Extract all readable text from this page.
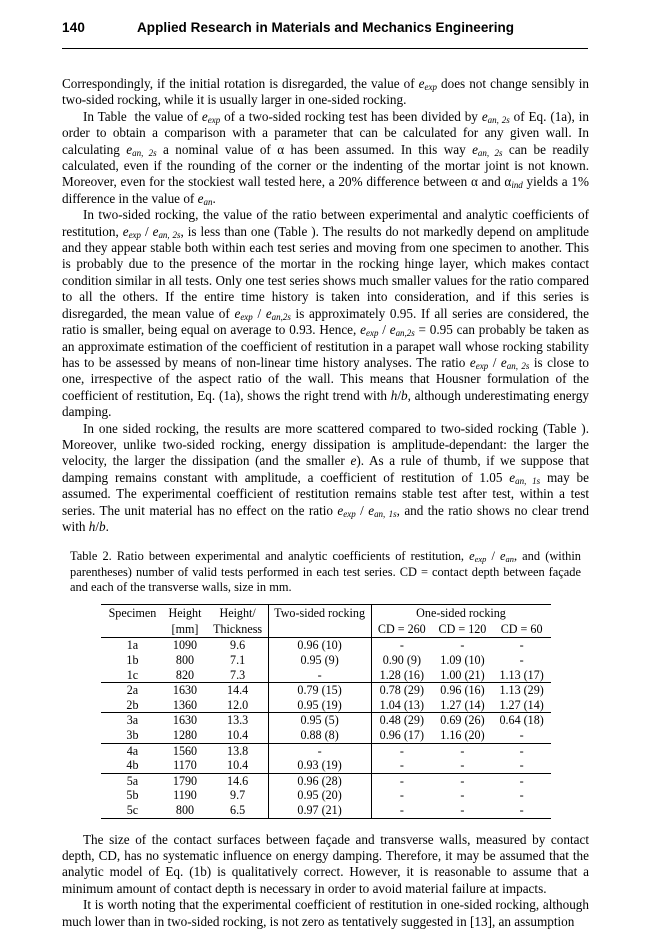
140	Applied Research in Materials and Mechanics Engineering

Correspondingly, if the initial rotation is disregarded, the value of $e_{exp}$ does not change sensibly in two-sided rocking, while it is usually larger in one-sided rocking.

In Table  the value of $e_{exp}$ of a two-sided rocking test has been divided by $e_{an, 2s}$ of Eq. (1a), in order to obtain a comparison with a parameter that can be calculated for any given wall. In calculating $e_{an, 2s}$ a nominal value of α has been assumed. In this way $e_{an, 2s}$ can be readily calculated, even if the rounding of the corner or the indenting of the mortar joint is not known. Moreover, even for the stockiest wall tested here, a 20% difference between α and $\alpha_{ind}$ yields a 1% difference in the value of $e_{an}$.

In two-sided rocking, the value of the ratio between experimental and analytic coefficients of restitution, $e_{exp} / e_{an, 2s}$, is less than one (Table ). The results do not markedly depend on amplitude and they appear stable both within each test series and moving from one specimen to another. This is probably due to the presence of the mortar in the rocking hinge layer, which makes contact condition similar in all tests. Only one test series shows much smaller values for the ratio compared to all the others. If the entire time history is taken into consideration, and if this series is disregarded, the mean value of $e_{exp} / e_{an,2s}$ is approximately 0.95. If all series are considered, the ratio is smaller, being equal on average to 0.93. Hence, $e_{exp} / e_{an,2s} = 0.95$ can probably be taken as an approximate estimation of the coefficient of restitution in a parapet wall whose rocking stability has to be assessed by means of non-linear time history analyses. The ratio $e_{exp} / e_{an, 2s}$ is close to one, irrespective of the aspect ratio of the wall. This means that Housner formulation of the coefficient of restitution, Eq. (1a), shows the right trend with h/b, although underestimating energy damping.

In one sided rocking, the results are more scattered compared to two-sided rocking (Table ). Moreover, unlike two-sided rocking, energy dissipation is amplitude-dependant: the larger the velocity, the larger the dissipation (and the smaller e). As a rule of thumb, if we suppose that damping remains constant with amplitude, a coefficient of restitution of 1.05 $e_{an, 1s}$ may be assumed. The experimental coefficient of restitution remains stable test after test, within a test series. The unit material has no effect on the ratio $e_{exp} / e_{an, 1s}$, and the ratio shows no clear trend with h/b.

Table 2. Ratio between experimental and analytic coefficients of restitution, $e_{exp} / e_{an}$, and (within parentheses) number of valid tests performed in each test series. CD = contact depth between façade and each of the transverse walls, size in mm.
Specimen	Height	Height/	Two-sided rocking	One-sided rocking		
	[mm]	Thickness		CD = 260	CD = 120	CD = 60
1a	1090	9.6	0.96 (10)	-	-	-
1b	800	7.1	0.95 (9)	0.90 (9)	1.09 (10)	-
1c	820	7.3	-	1.28 (16)	1.00 (21)	1.13 (17)
2a	1630	14.4	0.79 (15)	0.78 (29)	0.96 (16)	1.13 (29)
2b	1360	12.0	0.95 (19)	1.04 (13)	1.27 (14)	1.27 (14)
3a	1630	13.3	0.95 (5)	0.48 (29)	0.69 (26)	0.64 (18)
3b	1280	10.4	0.88 (8)	0.96 (17)	1.16 (20)	-
4a	1560	13.8	-	-	-	-
4b	1170	10.4	0.93 (19)	-	-	-
5a	1790	14.6	0.96 (28)	-	-	-
5b	1190	9.7	0.95 (20)	-	-	-
5c	800	6.5	0.97 (21)	-	-	-

The size of the contact surfaces between façade and transverse walls, measured by contact depth, CD, has no systematic influence on energy damping. Therefore, it may be assumed that the analytic model of Eq. (1b) is qualitatively correct. However, it is reasonable to assume that a minimum amount of contact depth is necessary in order to avoid material failure at impacts.

It is worth noting that the experimental coefficient of restitution in one-sided rocking, although much lower than in two-sided rocking, is not zero as tentatively suggested in [13], an assumption
